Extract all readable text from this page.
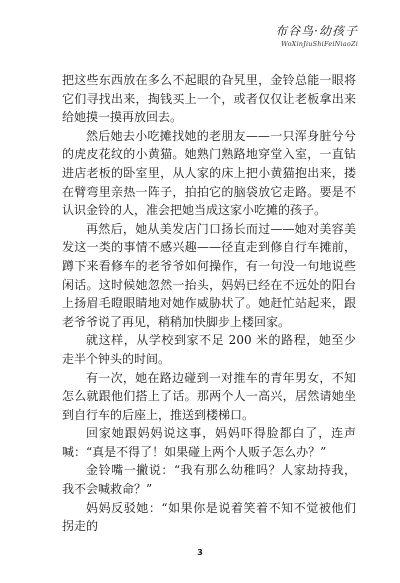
布谷鸟·幼孩子
WoXinJiuShiFeiNiaoZi

把这些东西放在多么不起眼的旮旯里，金铃总能一眼将它们寻找出来，掏钱买上一个，或者仅仅让老板拿出来给她摸一摸再放回去。

然后她去小吃摊找她的老朋友——一只浑身脏兮兮的虎皮花纹的小黄猫。她熟门熟路地穿堂入室，一直钻进店老板的卧室里，从人家的床上把小黄猫抱出来，搂在臂弯里亲热一阵子，拍拍它的脑袋放它走路。要是不认识金铃的人，准会把她当成这家小吃摊的孩子。

再然后，她从美发店门口扬长而过——她对美容美发这一类的事情不感兴趣——径直走到修自行车摊前，蹲下来看修车的老爷爷如何操作，有一句没一句地说些闲话。这时候她忽然一抬头，妈妈已经在不远处的阳台上扬眉毛瞪眼睛地对她作威胁状了。她赶忙站起来，跟老爷爷说了再见，稍稍加快脚步上楼回家。

就这样，从学校到家不足 200 米的路程，她至少走半个钟头的时间。

有一次，她在路边碰到一对推车的青年男女，不知怎么就跟他们搭上了话。那两个人一高兴，居然请她坐到自行车的后座上，推送到楼梯口。

回家她跟妈妈说这事，妈妈吓得脸都白了，连声喊：“真是不得了！如果碰上两个人贩子怎么办？”

金铃嘴一撇说：“我有那么幼稚吗？人家劫持我，我不会喊救命？”

妈妈反驳她：“如果你是说着笑着不知不觉被他们拐走的

3
